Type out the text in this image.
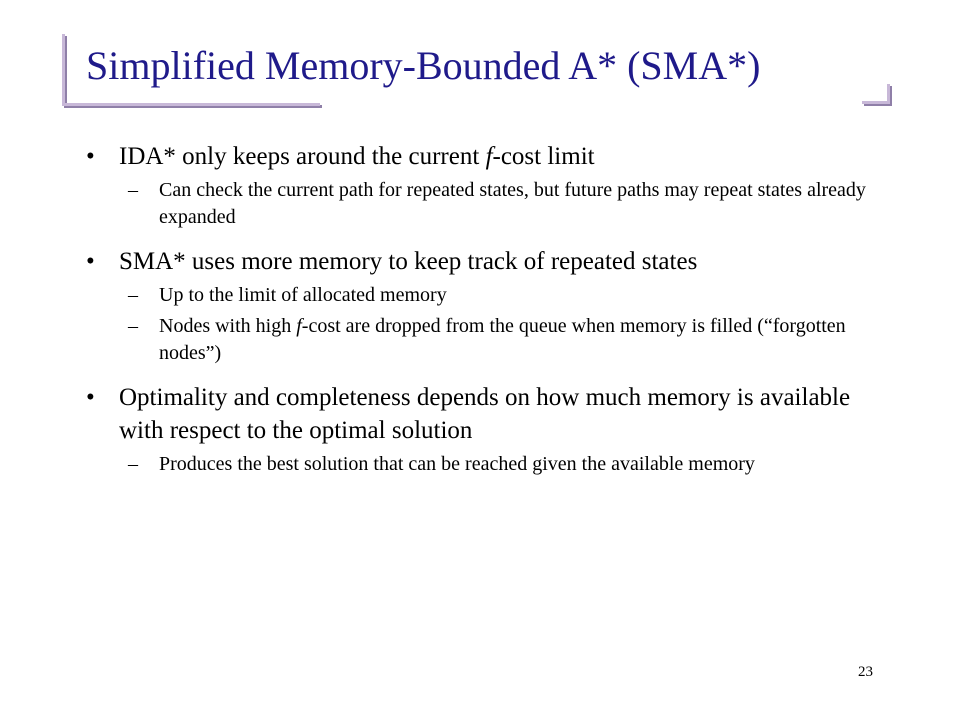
Simplified Memory-Bounded A* (SMA*)
• IDA* only keeps around the current f-cost limit
– Can check the current path for repeated states, but future paths may repeat states already expanded
• SMA* uses more memory to keep track of repeated states
– Up to the limit of allocated memory
– Nodes with high f-cost are dropped from the queue when memory is filled (“forgotten nodes”)
• Optimality and completeness depends on how much memory is available with respect to the optimal solution
– Produces the best solution that can be reached given the available memory
23
